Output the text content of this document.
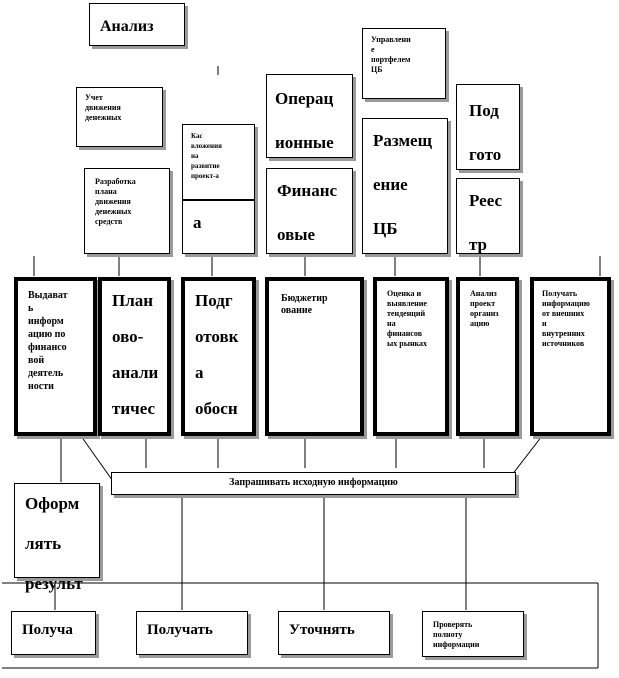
Анализ
Учет
движения
денежных
Управлени
е
портфелем
ЦБ
Под
гото
Операц
ионные
Разработка
плана
движения
денежных
средств
Кас
вложения
на
развитие
проект-а
а
Финанс
овые
Размещ
ение
ЦБ
Реес
тр
Выдават
ь
информ
ацию по
финансо
вой
деятель
ности
План
ово-
анали
тичес
Подг
отовк
а
обосн
Бюджетир
ование
Оценка и
выявление
тенденций
на
финансов
ых рынках
Анализ
проект
организ
ацию
Получать
информацию
от внешних
и
внутренних
источников
Запрашивать исходную информацию
Оформ
лять
результ
Получа	Получать	Уточнять	Проверять
полноту
информации
